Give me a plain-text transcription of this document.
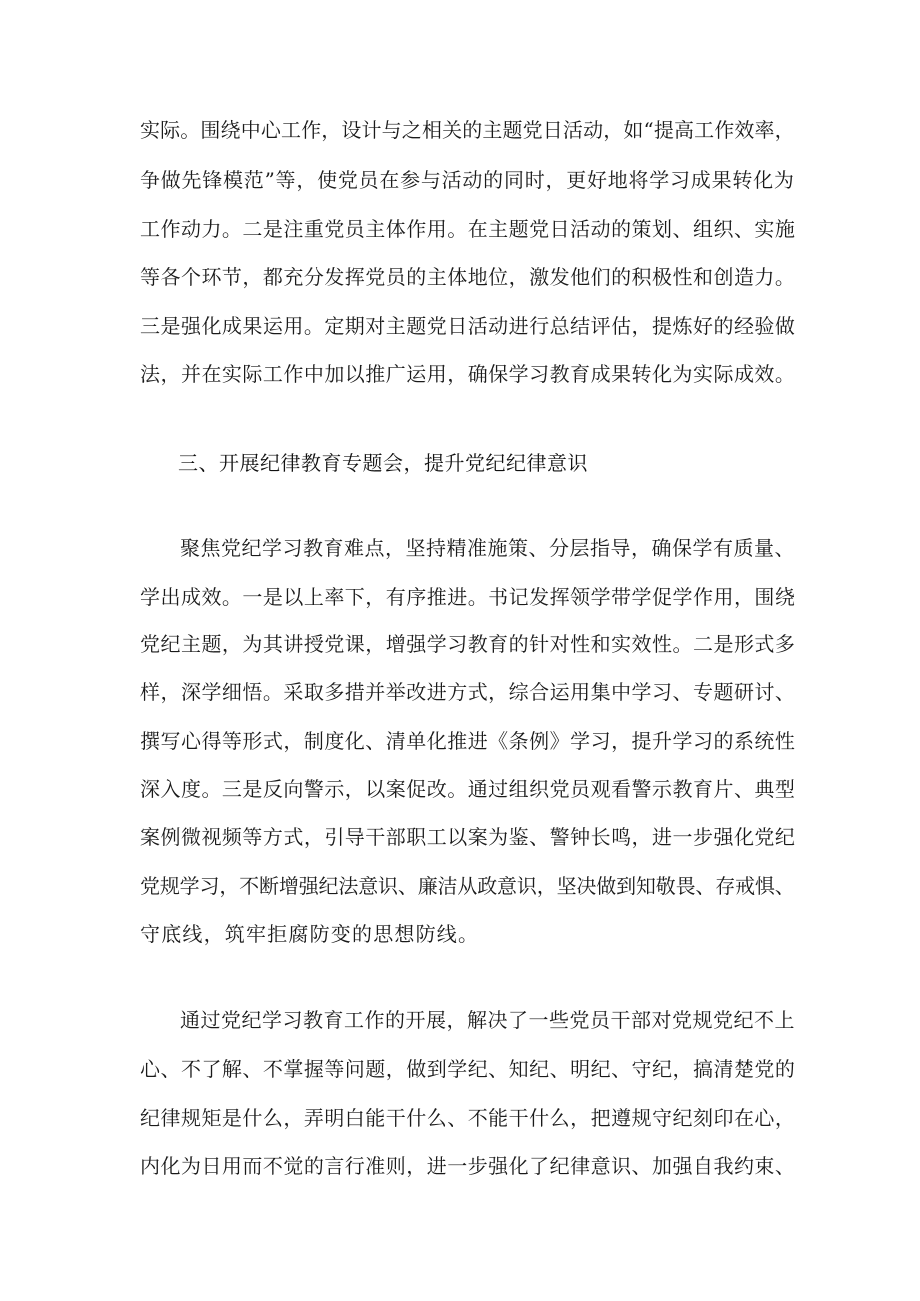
实际。围绕中心工作，设计与之相关的主题党日活动，如“提高工作效率，
争做先锋模范”等，使党员在参与活动的同时，更好地将学习成果转化为
工作动力。二是注重党员主体作用。在主题党日活动的策划、组织、实施
等各个环节，都充分发挥党员的主体地位，激发他们的积极性和创造力。
三是强化成果运用。定期对主题党日活动进行总结评估，提炼好的经验做
法，并在实际工作中加以推广运用，确保学习教育成果转化为实际成效。
三、开展纪律教育专题会，提升党纪纪律意识
聚焦党纪学习教育难点，坚持精准施策、分层指导，确保学有质量、
学出成效。一是以上率下，有序推进。书记发挥领学带学促学作用，围绕
党纪主题，为其讲授党课，增强学习教育的针对性和实效性。二是形式多
样，深学细悟。采取多措并举改进方式，综合运用集中学习、专题研讨、
撰写心得等形式，制度化、清单化推进《条例》学习，提升学习的系统性
深入度。三是反向警示，以案促改。通过组织党员观看警示教育片、典型
案例微视频等方式，引导干部职工以案为鉴、警钟长鸣，进一步强化党纪
党规学习，不断增强纪法意识、廉洁从政意识，坚决做到知敬畏、存戒惧、
守底线，筑牢拒腐防变的思想防线。
通过党纪学习教育工作的开展，解决了一些党员干部对党规党纪不上
心、不了解、不掌握等问题，做到学纪、知纪、明纪、守纪，搞清楚党的
纪律规矩是什么，弄明白能干什么、不能干什么，把遵规守纪刻印在心，
内化为日用而不觉的言行准则，进一步强化了纪律意识、加强自我约束、
